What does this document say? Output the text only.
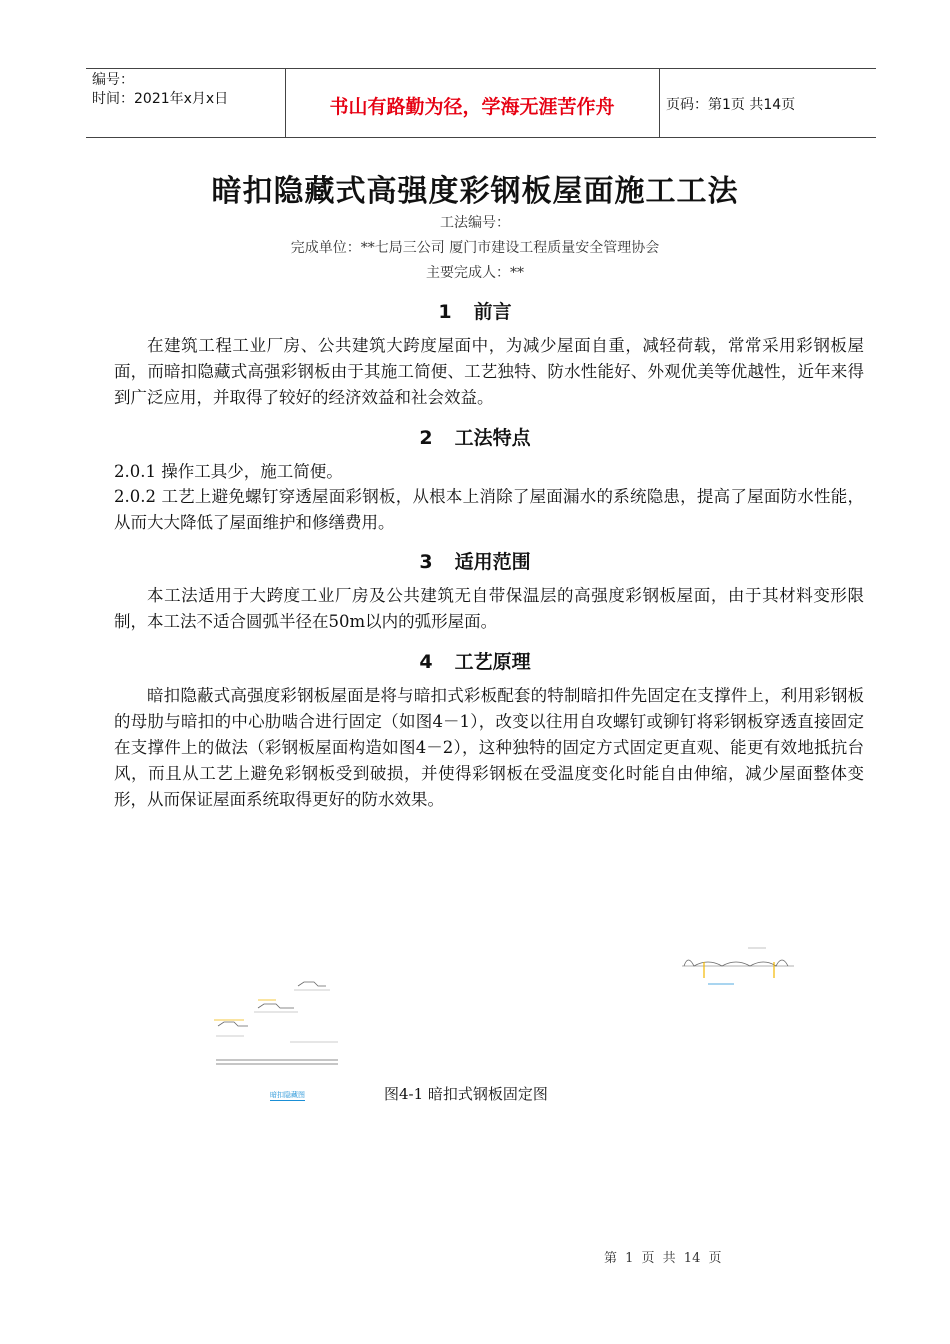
编号：
时间：2021年x月x日	书山有路勤为径，学海无涯苦作舟	页码：第1页 共14页
暗扣隐藏式高强度彩钢板屋面施工工法
工法编号：
完成单位：**七局三公司 厦门市建设工程质量安全管理协会
主要完成人：**
1 前言
在建筑工程工业厂房、公共建筑大跨度屋面中，为减少屋面自重，减轻荷载，常常采用彩钢板屋面，而暗扣隐藏式高强彩钢板由于其施工简便、工艺独特、防水性能好、外观优美等优越性，近年来得到广泛应用，并取得了较好的经济效益和社会效益。
2 工法特点
2.0.1 操作工具少，施工简便。
2.0.2 工艺上避免螺钉穿透屋面彩钢板，从根本上消除了屋面漏水的系统隐患，提高了屋面防水性能，从而大大降低了屋面维护和修缮费用。
3 适用范围
本工法适用于大跨度工业厂房及公共建筑无自带保温层的高强度彩钢板屋面，由于其材料变形限制，本工法不适合圆弧半径在50m以内的弧形屋面。
4 工艺原理
暗扣隐蔽式高强度彩钢板屋面是将与暗扣式彩板配套的特制暗扣件先固定在支撑件上，利用彩钢板的母肋与暗扣的中心肋啮合进行固定（如图4－1），改变以往用自攻螺钉或铆钉将彩钢板穿透直接固定在支撑件上的做法（彩钢板屋面构造如图4－2），这种独特的固定方式固定更直观、能更有效地抵抗台风，而且从工艺上避免彩钢板受到破损，并使得彩钢板在受温度变化时能自由伸缩，减少屋面整体变形，从而保证屋面系统取得更好的防水效果。
暗扣隐藏图	图4-1 暗扣式钢板固定图
第 1 页 共 14 页
